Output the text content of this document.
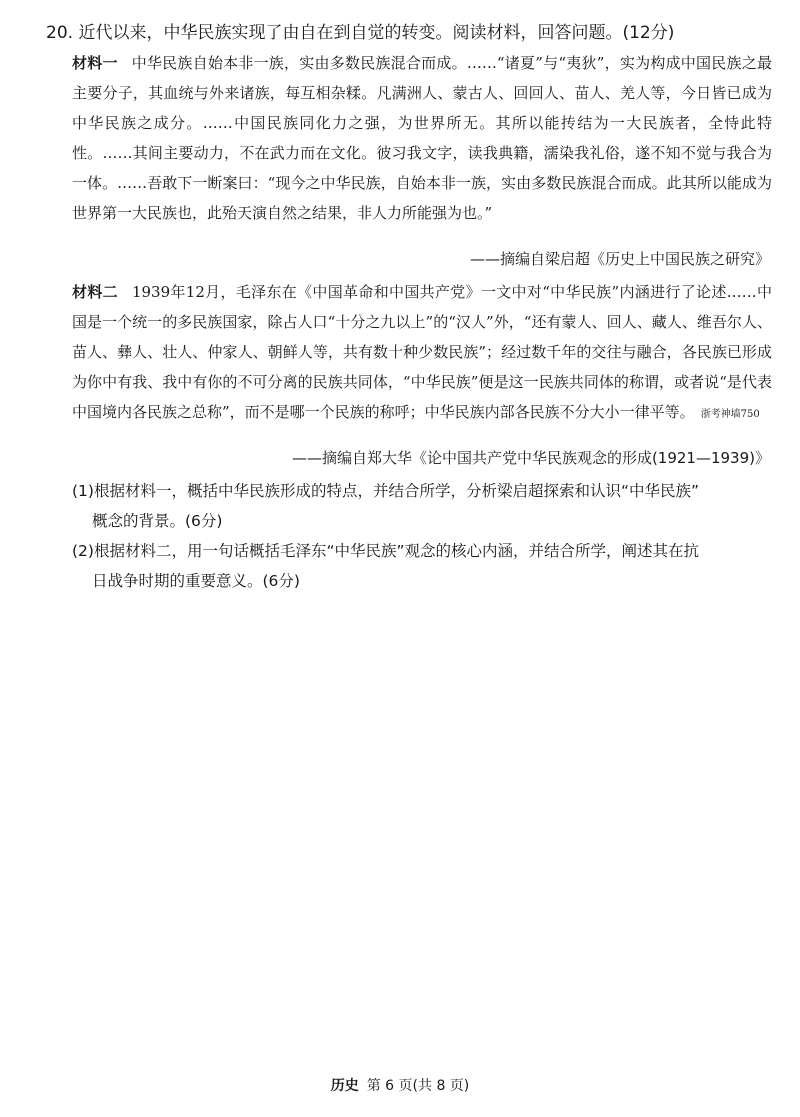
20. 近代以来，中华民族实现了由自在到自觉的转变。阅读材料，回答问题。(12分)
材料一 中华民族自始本非一族，实由多数民族混合而成。……“诸夏”与“夷狄”，实为构成中国民族之最主要分子，其血统与外来诸族，每互相杂糅。凡满洲人、蒙古人、回回人、苗人、羌人等，今日皆已成为中华民族之成分。……中国民族同化力之强，为世界所无。其所以能抟结为一大民族者，全恃此特性。……其间主要动力，不在武力而在文化。彼习我文字，读我典籍，濡染我礼俗，遂不知不觉与我合为一体。……吾敢下一断案曰：“现今之中华民族，自始本非一族，实由多数民族混合而成。此其所以能成为世界第一大民族也，此殆天演自然之结果，非人力所能强为也。”
——摘编自梁启超《历史上中国民族之研究》
材料二 1939年12月，毛泽东在《中国革命和中国共产党》一文中对“中华民族”内涵进行了论述……中国是一个统一的多民族国家，除占人口“十分之九以上”的“汉人”外，“还有蒙人、回人、藏人、维吾尔人、苗人、彝人、壮人、仲家人、朝鲜人等，共有数十种少数民族”；经过数千年的交往与融合，各民族已形成为你中有我、我中有你的不可分离的民族共同体，“中华民族”便是这一民族共同体的称谓，或者说“是代表中国境内各民族之总称”，而不是哪一个民族的称呼；中华民族内部各民族不分大小一律平等。 浙考神墙750
——摘编自郑大华《论中国共产党中华民族观念的形成(1921—1939)》
(1)根据材料一，概括中华民族形成的特点，并结合所学，分析梁启超探索和认识“中华民族”
概念的背景。(6分)
(2)根据材料二，用一句话概括毛泽东“中华民族”观念的核心内涵，并结合所学，阐述其在抗
日战争时期的重要意义。(6分)
历史 第 6 页(共 8 页)
